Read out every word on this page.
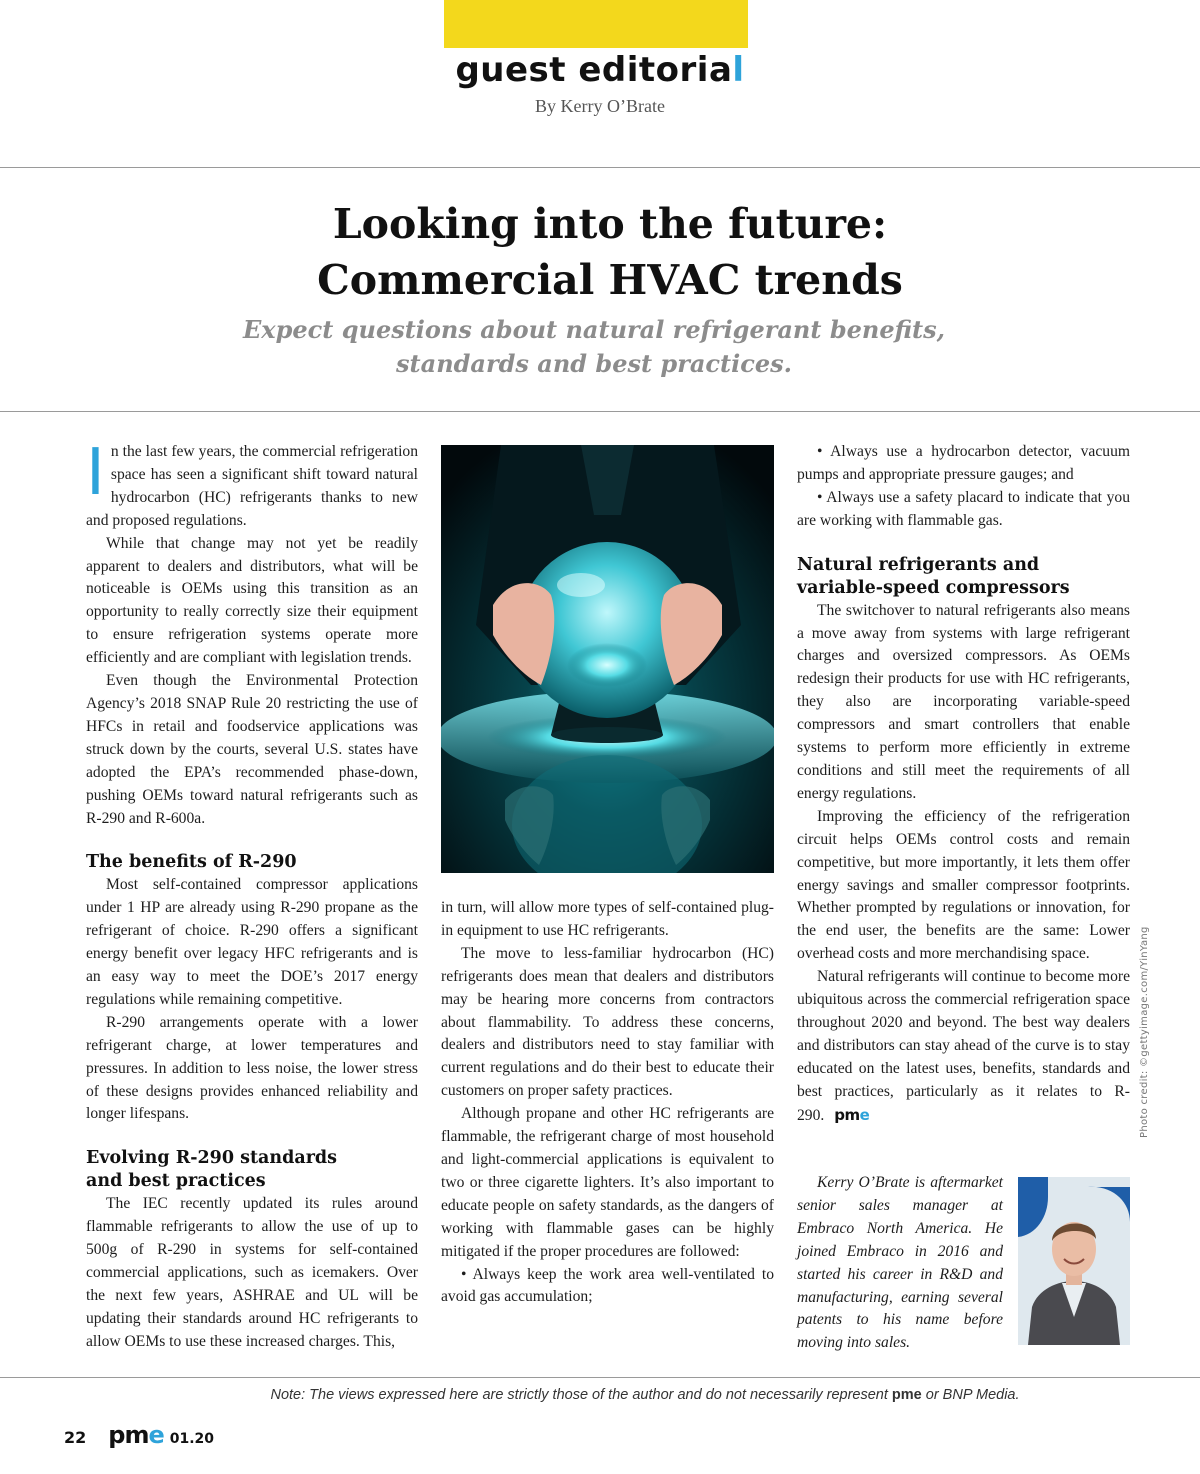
guest editorial
By Kerry O’Brate
Looking into the future:
Commercial HVAC trends
Expect questions about natural refrigerant benefits,
standards and best practices.

In the last few years, the commercial refrigeration space has seen a significant shift toward natural hydrocarbon (HC) refrigerants thanks to new and proposed regulations.

While that change may not yet be readily apparent to dealers and distributors, what will be noticeable is OEMs using this transition as an opportunity to really correctly size their equipment to ensure refrigeration systems operate more efficiently and are compliant with legislation trends.

Even though the Environmental Protection Agency’s 2018 SNAP Rule 20 restricting the use of HFCs in retail and foodservice applications was struck down by the courts, several U.S. states have adopted the EPA’s recommended phase-down, pushing OEMs toward natural refrigerants such as R-290 and R-600a.

The benefits of R-290

Most self-contained compressor applications under 1 HP are already using R-290 propane as the refrigerant of choice. R-290 offers a significant energy benefit over legacy HFC refrigerants and is an easy way to meet the DOE’s 2017 energy regulations while remaining competitive.

R-290 arrangements operate with a lower refrigerant charge, at lower temperatures and pressures. In addition to less noise, the lower stress of these designs provides enhanced reliability and longer lifespans.

Evolving R-290 standards
and best practices

The IEC recently updated its rules around flammable refrigerants to allow the use of up to 500g of R-290 in systems for self-contained commercial applications, such as icemakers. Over the next few years, ASHRAE and UL will be updating their standards around HC refrigerants to allow OEMs to use these increased charges. This,

in turn, will allow more types of self-contained plug-in equipment to use HC refrigerants.

The move to less-familiar hydrocarbon (HC) refrigerants does mean that dealers and distributors may be hearing more concerns from contractors about flammability. To address these concerns, dealers and distributors need to stay familiar with current regulations and do their best to educate their customers on proper safety practices.

Although propane and other HC refrigerants are flammable, the refrigerant charge of most household and light-commercial applications is equivalent to two or three cigarette lighters. It’s also important to educate people on safety standards, as the dangers of working with flammable gases can be highly mitigated if the proper procedures are followed:

• Always keep the work area well-ventilated to avoid gas accumulation;

• Always use a hydrocarbon detector, vacuum pumps and appropriate pressure gauges; and

• Always use a safety placard to indicate that you are working with flammable gas.

Natural refrigerants and
variable-speed compressors

The switchover to natural refrigerants also means a move away from systems with large refrigerant charges and oversized compressors. As OEMs redesign their products for use with HC refrigerants, they also are incorporating variable-speed compressors and smart controllers that enable systems to perform more efficiently in extreme conditions and still meet the requirements of all energy regulations.

Improving the efficiency of the refrigeration circuit helps OEMs control costs and remain competitive, but more importantly, it lets them offer energy savings and smaller compressor footprints. Whether prompted by regulations or innovation, for the end user, the benefits are the same: Lower overhead costs and more merchandising space.

Natural refrigerants will continue to become more ubiquitous across the commercial refrigeration space throughout 2020 and beyond. The best way dealers and distributors can stay ahead of the curve is to stay educated on the latest uses, benefits, standards and best practices, particularly as it relates to R-290. pme	Photo credit: ©gettyimage.com/YinYang

Kerry O’Brate is aftermarket senior sales manager at Embraco North America. He joined Embraco in 2016 and started his career in R&D and manufacturing, earning several patents to his name before moving into sales.

Note: The views expressed here are strictly those of the author and do not necessarily represent pme or BNP Media.
22 pme 01.20
